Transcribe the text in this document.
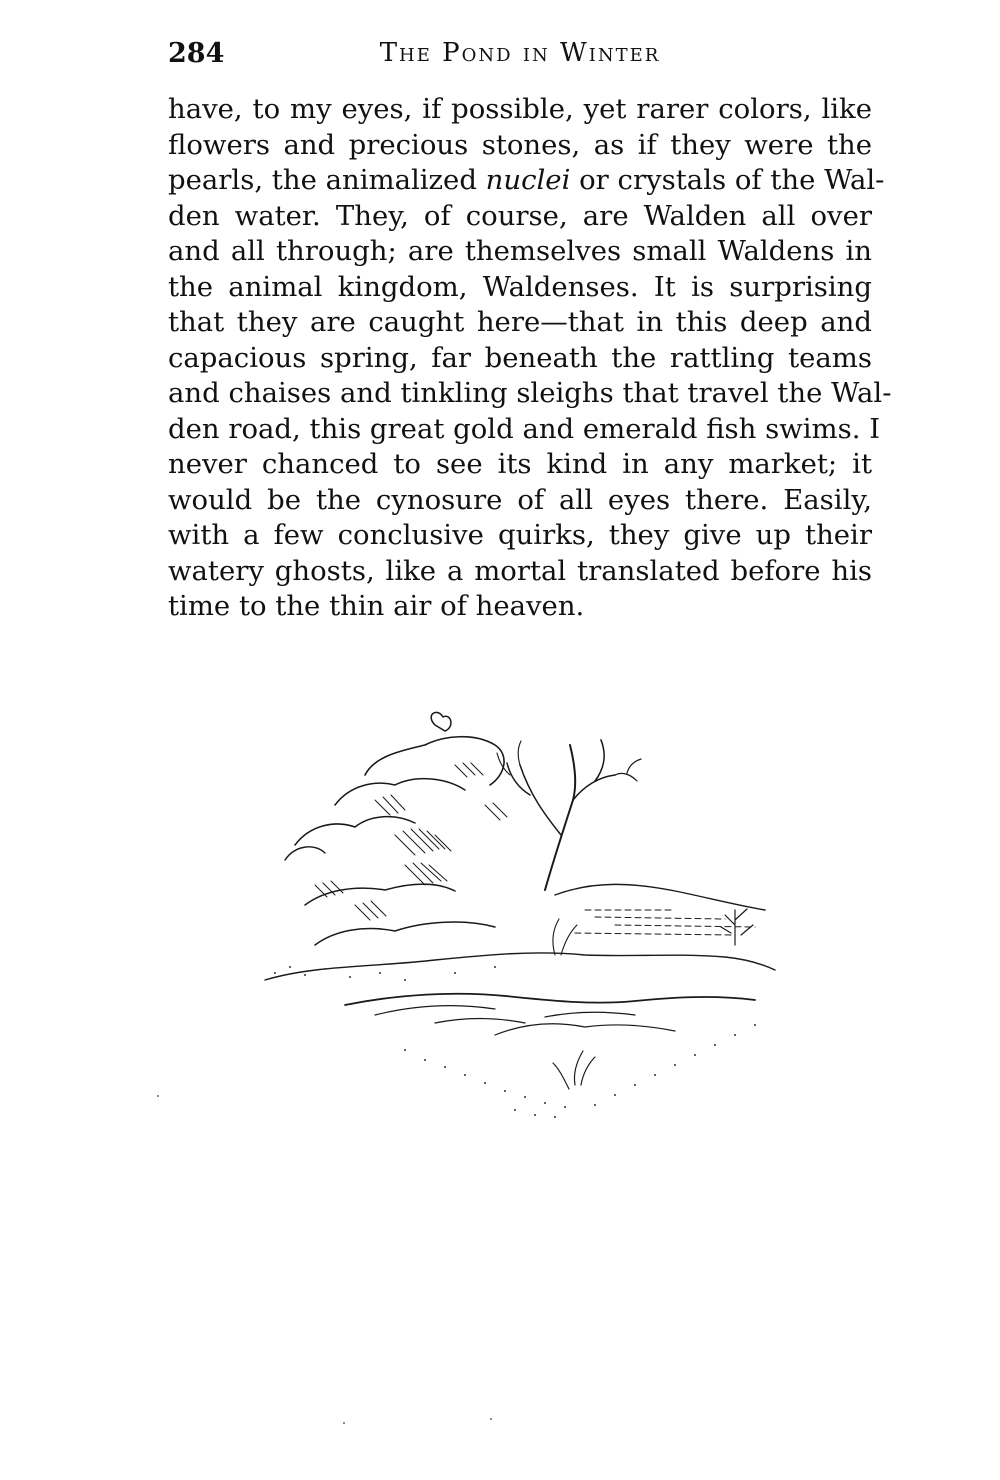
284	The Pond in Winter
have, to my eyes, if possible, yet rarer colors, like
flowers and precious stones, as if they were the
pearls, the animalized nuclei or crystals of the Wal-
den water. They, of course, are Walden all over
and all through; are themselves small Waldens in
the animal kingdom, Waldenses. It is surprising
that they are caught here—that in this deep and
capacious spring, far beneath the rattling teams
and chaises and tinkling sleighs that travel the Wal-
den road, this great gold and emerald fish swims. I
never chanced to see its kind in any market; it
would be the cynosure of all eyes there. Easily,
with a few conclusive quirks, they give up their
watery ghosts, like a mortal translated before his
time to the thin air of heaven.
